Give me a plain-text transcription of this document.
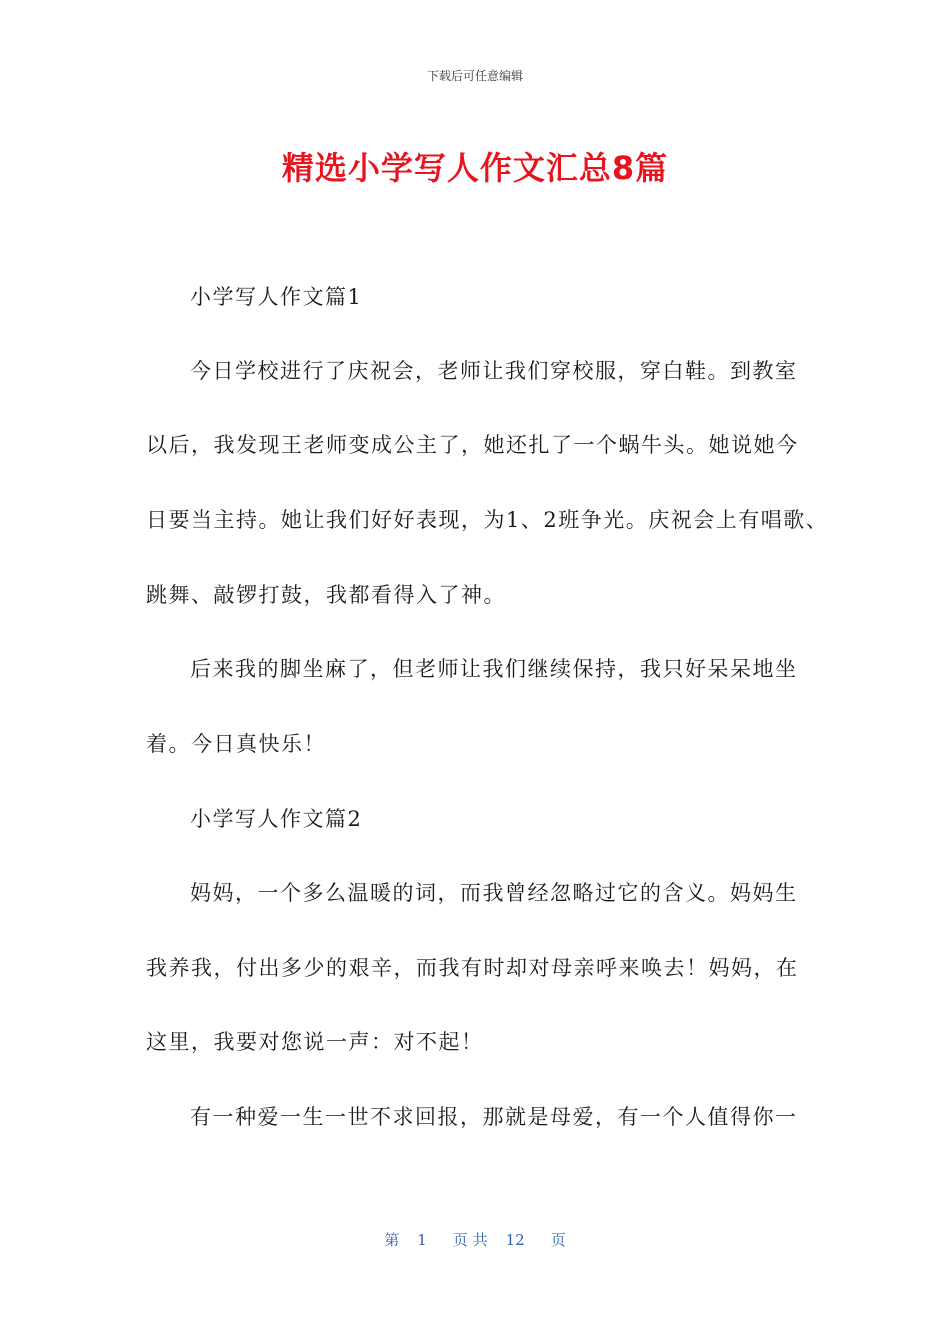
下载后可任意编辑
精选小学写人作文汇总8篇
小学写人作文篇1
今日学校进行了庆祝会，老师让我们穿校服，穿白鞋。到教室
以后，我发现王老师变成公主了，她还扎了一个蜗牛头。她说她今
日要当主持。她让我们好好表现，为1、2班争光。庆祝会上有唱歌、
跳舞、敲锣打鼓，我都看得入了神。
后来我的脚坐麻了，但老师让我们继续保持，我只好呆呆地坐
着。今日真快乐！
小学写人作文篇2
妈妈，一个多么温暖的词，而我曾经忽略过它的含义。妈妈生
我养我，付出多少的艰辛，而我有时却对母亲呼来唤去！妈妈，在
这里，我要对您说一声：对不起！
有一种爱一生一世不求回报，那就是母爱，有一个人值得你一
第 1 页 共 12 页
